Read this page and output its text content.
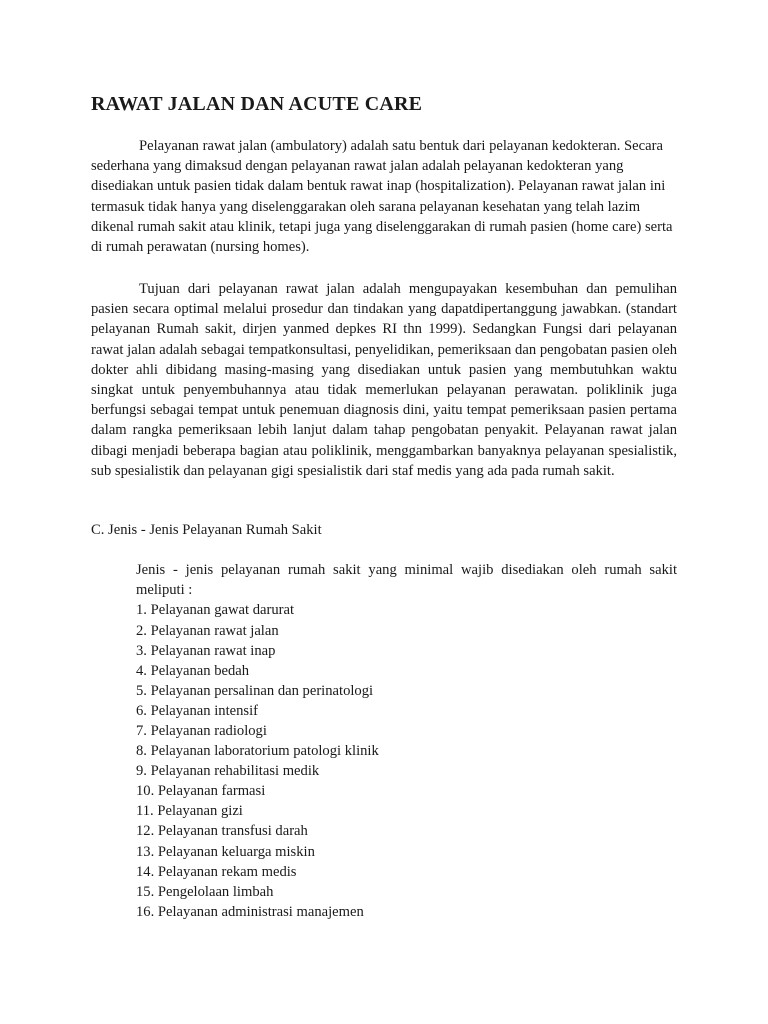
RAWAT JALAN DAN ACUTE CARE

Pelayanan rawat jalan (ambulatory) adalah satu bentuk dari pelayanan kedokteran. Secara sederhana yang dimaksud dengan pelayanan rawat jalan adalah pelayanan kedokteran yang disediakan untuk pasien tidak dalam bentuk rawat inap (hospitalization). Pelayanan rawat jalan ini termasuk tidak hanya yang diselenggarakan oleh sarana pelayanan kesehatan yang telah lazim dikenal rumah sakit atau klinik, tetapi juga yang diselenggarakan di rumah pasien (home care) serta di rumah perawatan (nursing homes).

Tujuan dari pelayanan rawat jalan adalah mengupayakan kesembuhan dan pemulihan pasien secara optimal melalui prosedur dan tindakan yang dapatdipertanggung jawabkan. (standart pelayanan Rumah sakit, dirjen yanmed depkes RI thn 1999). Sedangkan Fungsi dari pelayanan rawat jalan adalah sebagai tempatkonsultasi, penyelidikan, pemeriksaan dan pengobatan pasien oleh dokter ahli dibidang masing-masing yang disediakan untuk pasien yang membutuhkan waktu singkat untuk penyembuhannya atau tidak memerlukan pelayanan perawatan. poliklinik juga berfungsi sebagai tempat untuk penemuan diagnosis dini, yaitu tempat pemeriksaan pasien pertama dalam rangka pemeriksaan lebih lanjut dalam tahap pengobatan penyakit. Pelayanan rawat jalan dibagi menjadi beberapa bagian atau poliklinik, menggambarkan banyaknya pelayanan spesialistik, sub spesialistik dan pelayanan gigi spesialistik dari staf medis yang ada pada rumah sakit.

C. Jenis - Jenis Pelayanan Rumah Sakit

Jenis - jenis pelayanan rumah sakit yang minimal wajib disediakan oleh rumah sakit meliputi :

1. Pelayanan gawat darurat
2. Pelayanan rawat jalan
3. Pelayanan rawat inap
4. Pelayanan bedah
5. Pelayanan persalinan dan perinatologi
6. Pelayanan intensif
7. Pelayanan radiologi
8. Pelayanan laboratorium patologi klinik
9. Pelayanan rehabilitasi medik
10. Pelayanan farmasi
11. Pelayanan gizi
12. Pelayanan transfusi darah
13. Pelayanan keluarga miskin
14. Pelayanan rekam medis
15. Pengelolaan limbah
16. Pelayanan administrasi manajemen
